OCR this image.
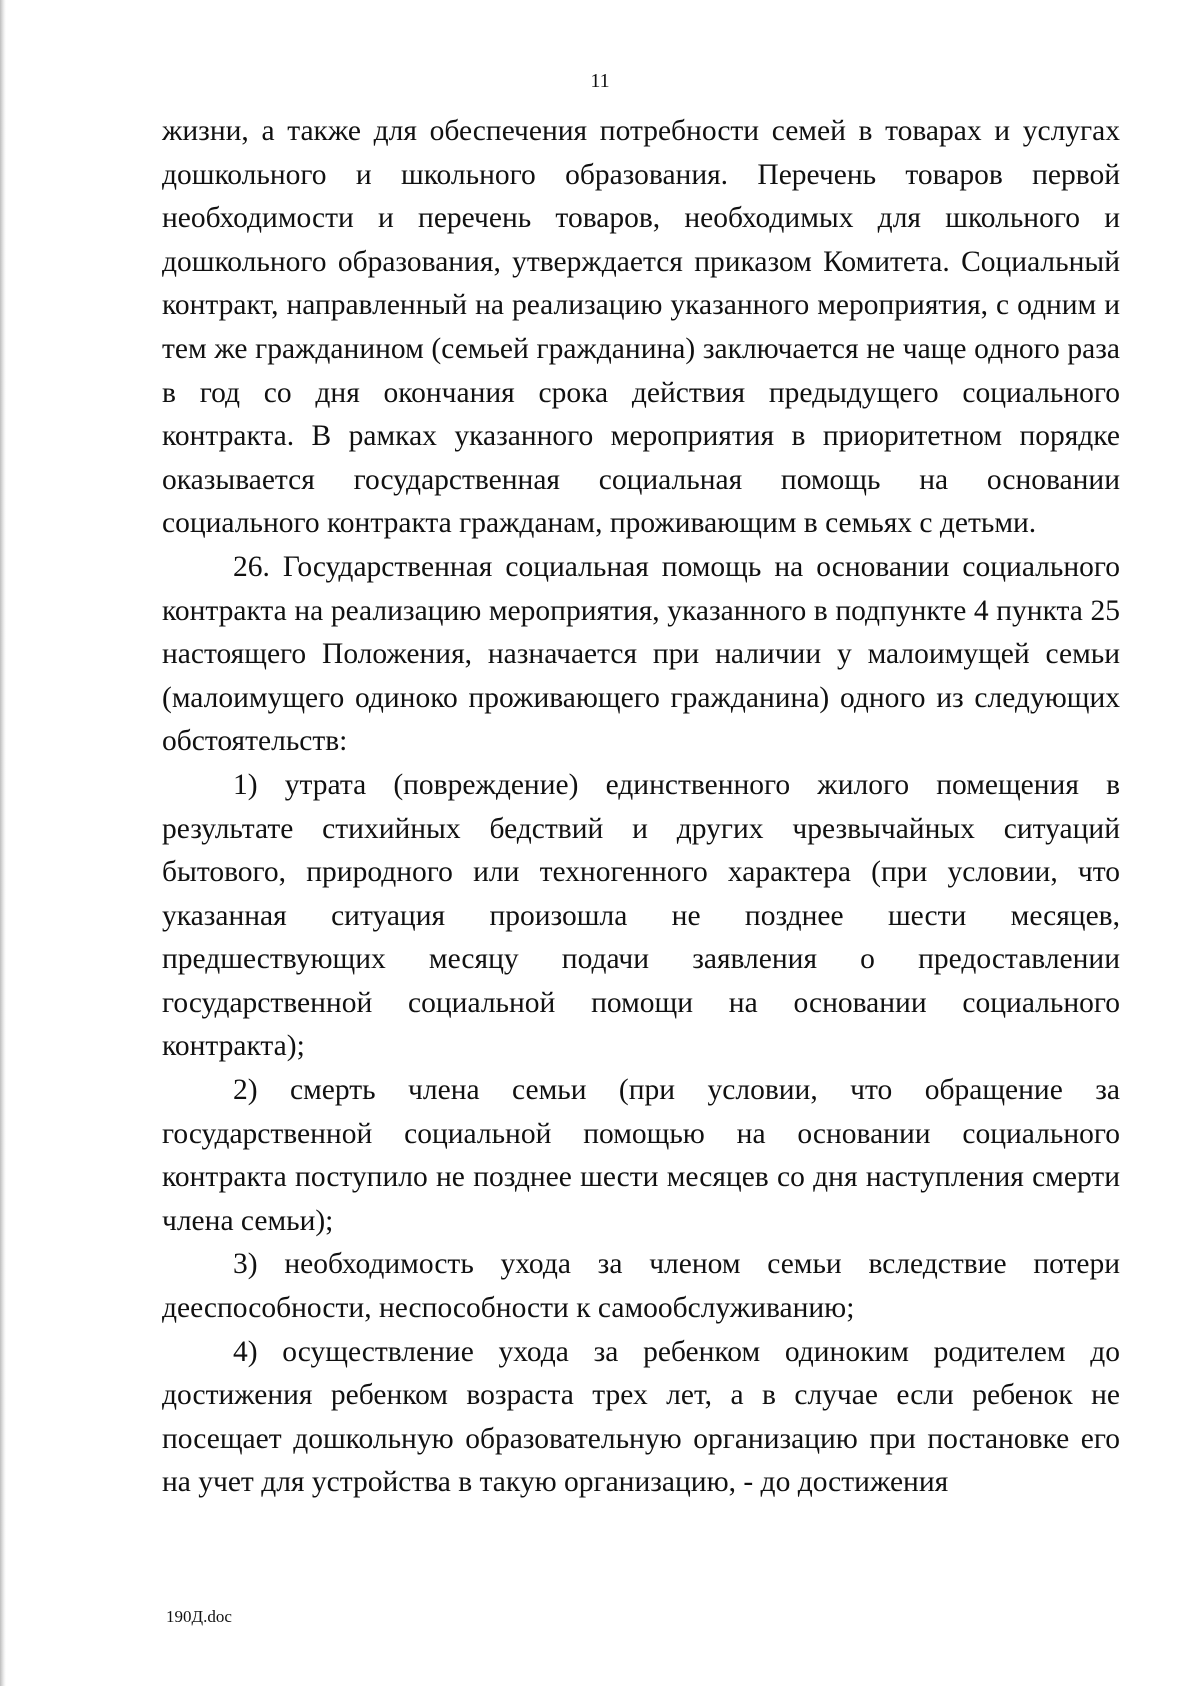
11

жизни, а также для обеспечения потребности семей в товарах и услугах дошкольного и школьного образования. Перечень товаров первой необходимости и перечень товаров, необходимых для школьного и дошкольного образования, утверждается приказом Комитета. Социальный контракт, направленный на реализацию указанного мероприятия, с одним и тем же гражданином (семьей гражданина) заключается не чаще одного раза в год со дня окончания срока действия предыдущего социального контракта. В рамках указанного мероприятия в приоритетном порядке оказывается государственная социальная помощь на основании социального контракта гражданам, проживающим в семьях с детьми.

26. Государственная социальная помощь на основании социального контракта на реализацию мероприятия, указанного в подпункте 4 пункта 25 настоящего Положения, назначается при наличии у малоимущей семьи (малоимущего одиноко проживающего гражданина) одного из следующих обстоятельств:

1) утрата (повреждение) единственного жилого помещения в результате стихийных бедствий и других чрезвычайных ситуаций бытового, природного или техногенного характера (при условии, что указанная ситуация произошла не позднее шести месяцев, предшествующих месяцу подачи заявления о предоставлении государственной социальной помощи на основании социального контракта);

2) смерть члена семьи (при условии, что обращение за государственной социальной помощью на основании социального контракта поступило не позднее шести месяцев со дня наступления смерти члена семьи);

3) необходимость ухода за членом семьи вследствие потери дееспособности, неспособности к самообслуживанию;

4) осуществление ухода за ребенком одиноким родителем до достижения ребенком возраста трех лет, а в случае если ребенок не посещает дошкольную образовательную организацию при постановке его на учет для устройства в такую организацию, - до достижения

190Д.doc
